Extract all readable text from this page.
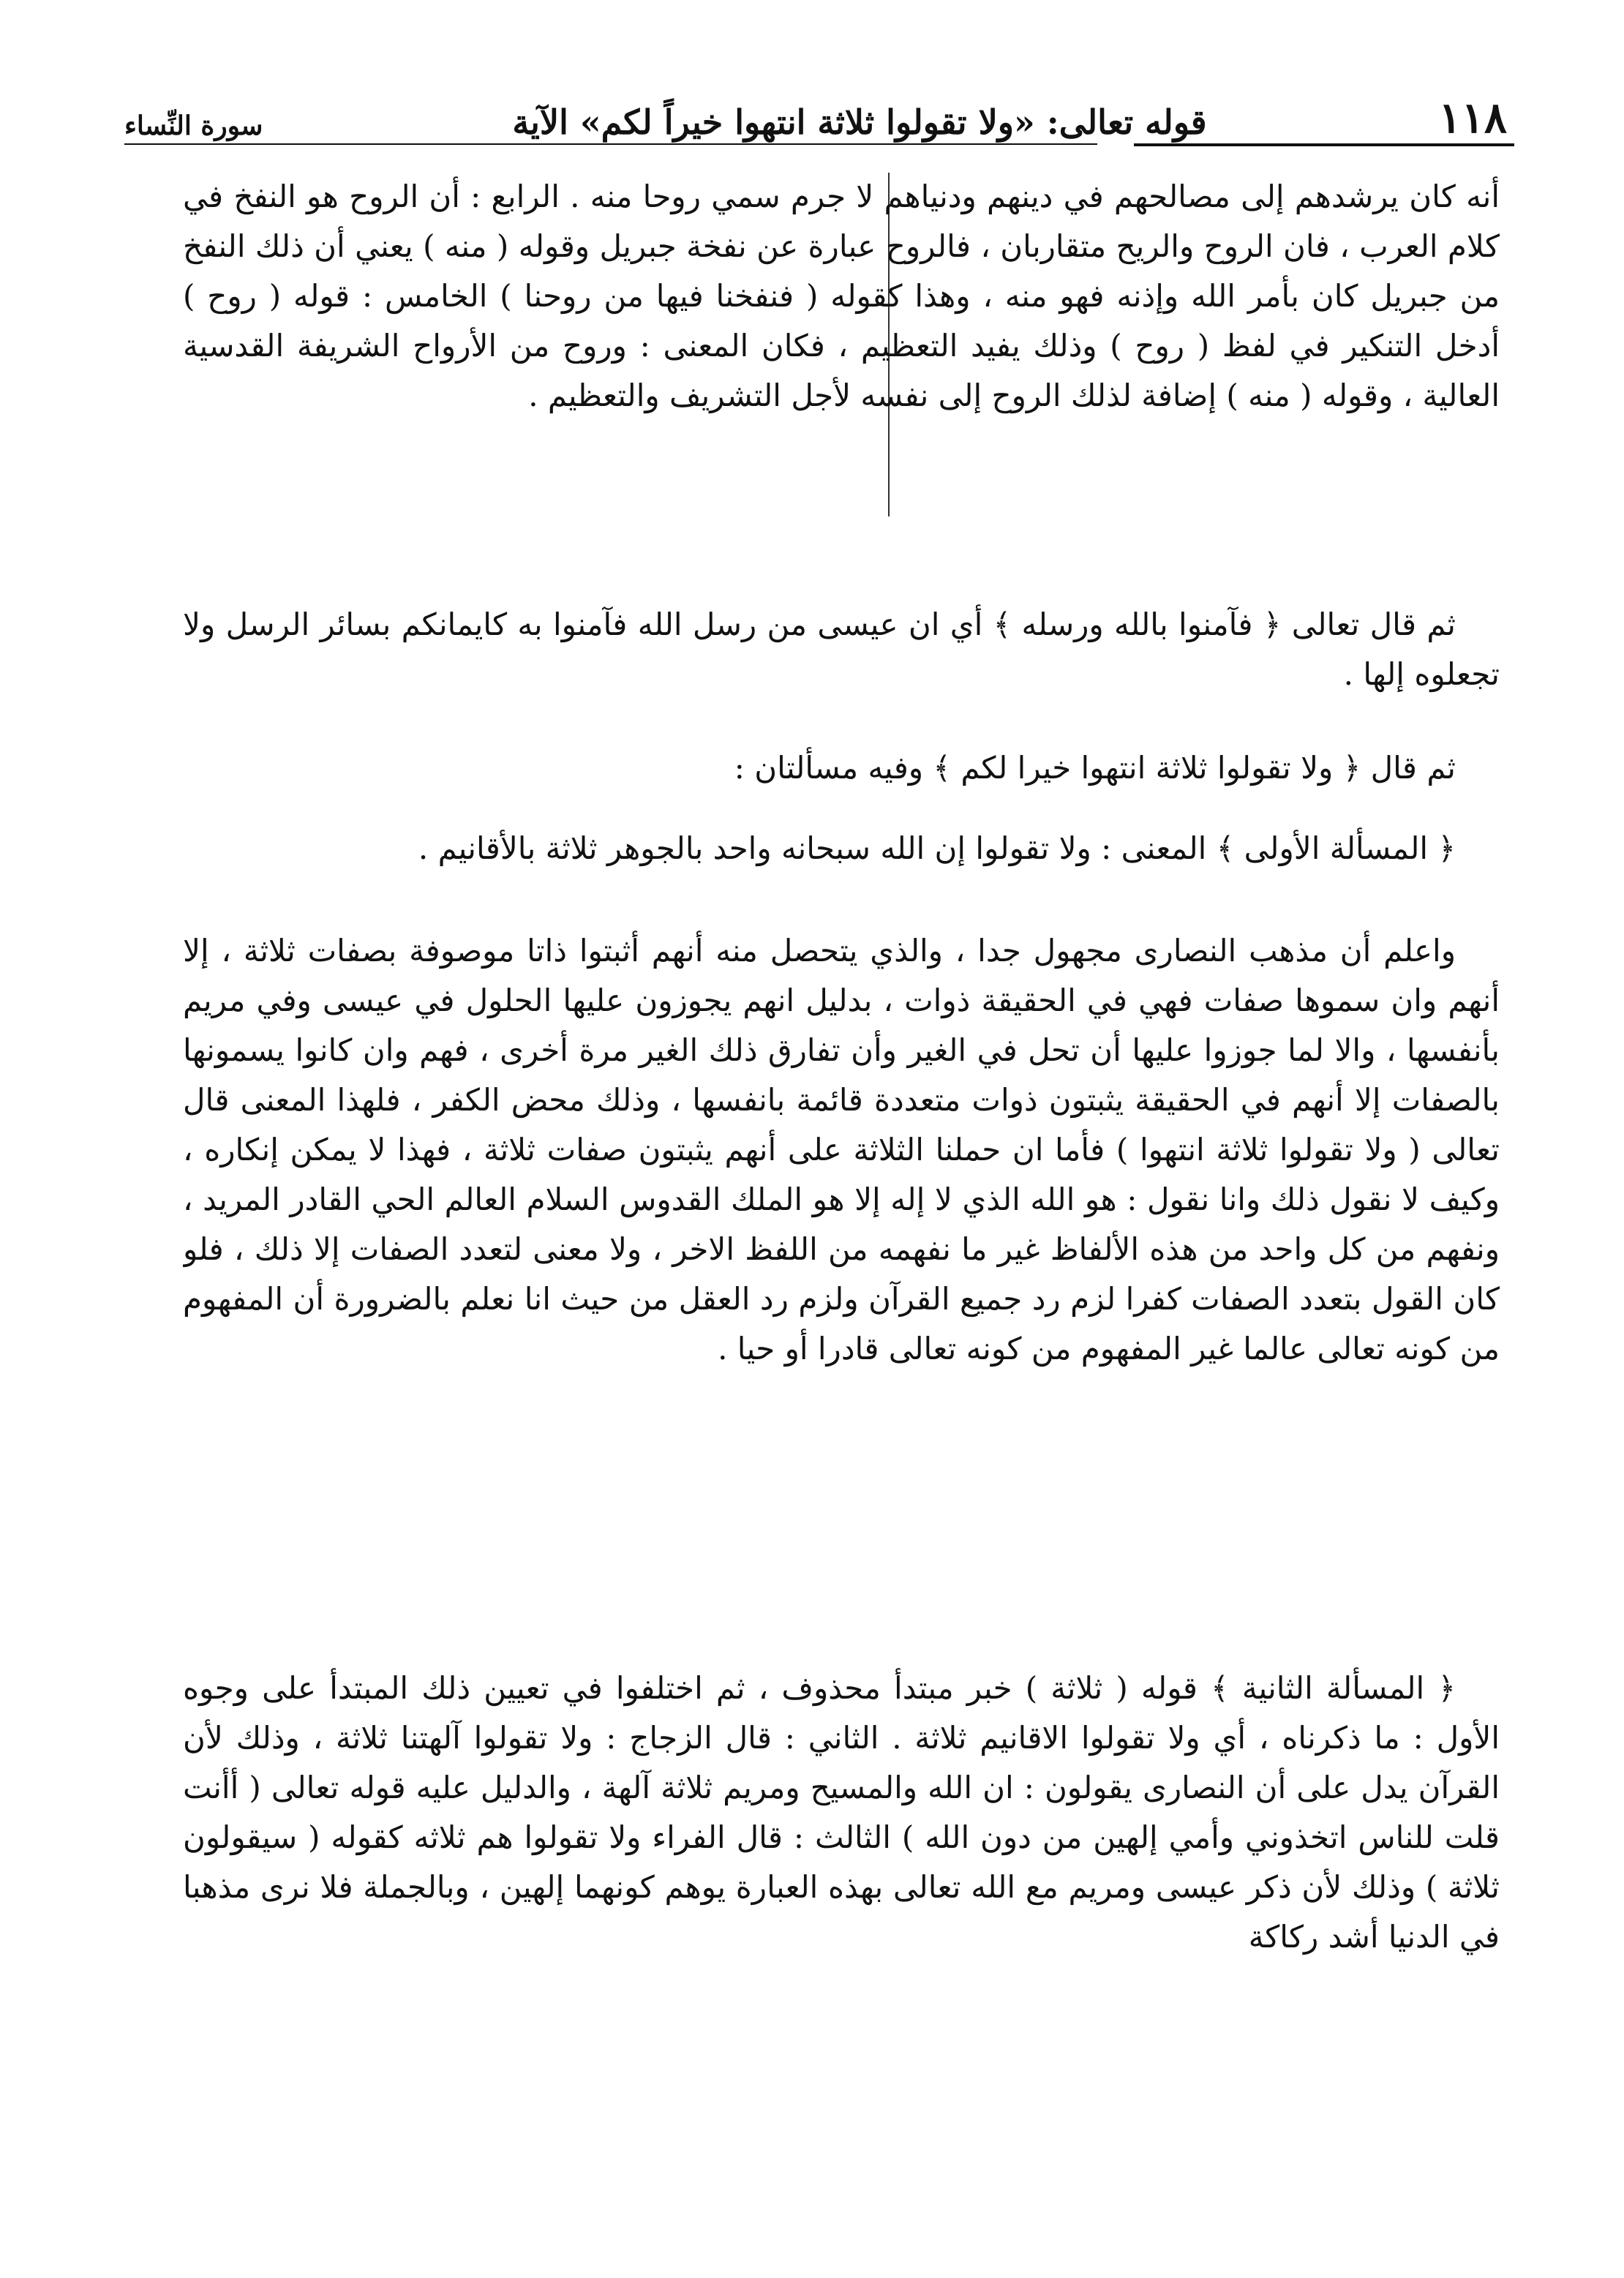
١١٨
قوله تعالى: «ولا تقولوا ثلاثة انتهوا خيراً لكم» الآية
سورة النِّساء

أنه كان يرشدهم إلى مصالحهم في دينهم ودنياهم لا جرم سمي روحا منه . الرابع : أن الروح هو النفخ في كلام العرب ، فان الروح والريح متقاربان ، فالروح عبارة عن نفخة جبريل وقوله ( منه ) يعني أن ذلك النفخ من جبريل كان بأمر الله وإذنه فهو منه ، وهذا كقوله ( فنفخنا فيها من روحنا ) الخامس : قوله ( روح ) أدخل التنكير في لفظ ( روح ) وذلك يفيد التعظيم ، فكان المعنى : وروح من الأرواح الشريفة القدسية العالية ، وقوله ( منه ) إضافة لذلك الروح إلى نفسه لأجل التشريف والتعظيم .

ثم قال تعالى ﴿ فآمنوا بالله ورسله ﴾ أي ان عيسى من رسل الله فآمنوا به كايمانكم بسائر الرسل ولا تجعلوه إلها .

ثم قال ﴿ ولا تقولوا ثلاثة انتهوا خيرا لكم ﴾ وفيه مسألتان :

﴿ المسألة الأولى ﴾ المعنى : ولا تقولوا إن الله سبحانه واحد بالجوهر ثلاثة بالأقانيم .

واعلم أن مذهب النصارى مجهول جدا ، والذي يتحصل منه أنهم أثبتوا ذاتا موصوفة بصفات ثلاثة ، إلا أنهم وان سموها صفات فهي في الحقيقة ذوات ، بدليل انهم يجوزون عليها الحلول في عيسى وفي مريم بأنفسها ، والا لما جوزوا عليها أن تحل في الغير وأن تفارق ذلك الغير مرة أخرى ، فهم وان كانوا يسمونها بالصفات إلا أنهم في الحقيقة يثبتون ذوات متعددة قائمة بانفسها ، وذلك محض الكفر ، فلهذا المعنى قال تعالى ( ولا تقولوا ثلاثة انتهوا ) فأما ان حملنا الثلاثة على أنهم يثبتون صفات ثلاثة ، فهذا لا يمكن إنكاره ، وكيف لا نقول ذلك وانا نقول : هو الله الذي لا إله إلا هو الملك القدوس السلام العالم الحي القادر المريد ، ونفهم من كل واحد من هذه الألفاظ غير ما نفهمه من اللفظ الاخر ، ولا معنى لتعدد الصفات إلا ذلك ، فلو كان القول بتعدد الصفات كفرا لزم رد جميع القرآن ولزم رد العقل من حيث انا نعلم بالضرورة أن المفهوم من كونه تعالى عالما غير المفهوم من كونه تعالى قادرا أو حيا .

﴿ المسألة الثانية ﴾ قوله ( ثلاثة ) خبر مبتدأ محذوف ، ثم اختلفوا في تعيين ذلك المبتدأ على وجوه الأول : ما ذكرناه ، أي ولا تقولوا الاقانيم ثلاثة . الثاني : قال الزجاج : ولا تقولوا آلهتنا ثلاثة ، وذلك لأن القرآن يدل على أن النصارى يقولون : ان الله والمسيح ومريم ثلاثة آلهة ، والدليل عليه قوله تعالى ( أأنت قلت للناس اتخذوني وأمي إلهين من دون الله ) الثالث : قال الفراء ولا تقولوا هم ثلاثه كقوله ( سيقولون ثلاثة ) وذلك لأن ذكر عيسى ومريم مع الله تعالى بهذه العبارة يوهم كونهما إلهين ، وبالجملة فلا نرى مذهبا في الدنيا أشد ركاكة
